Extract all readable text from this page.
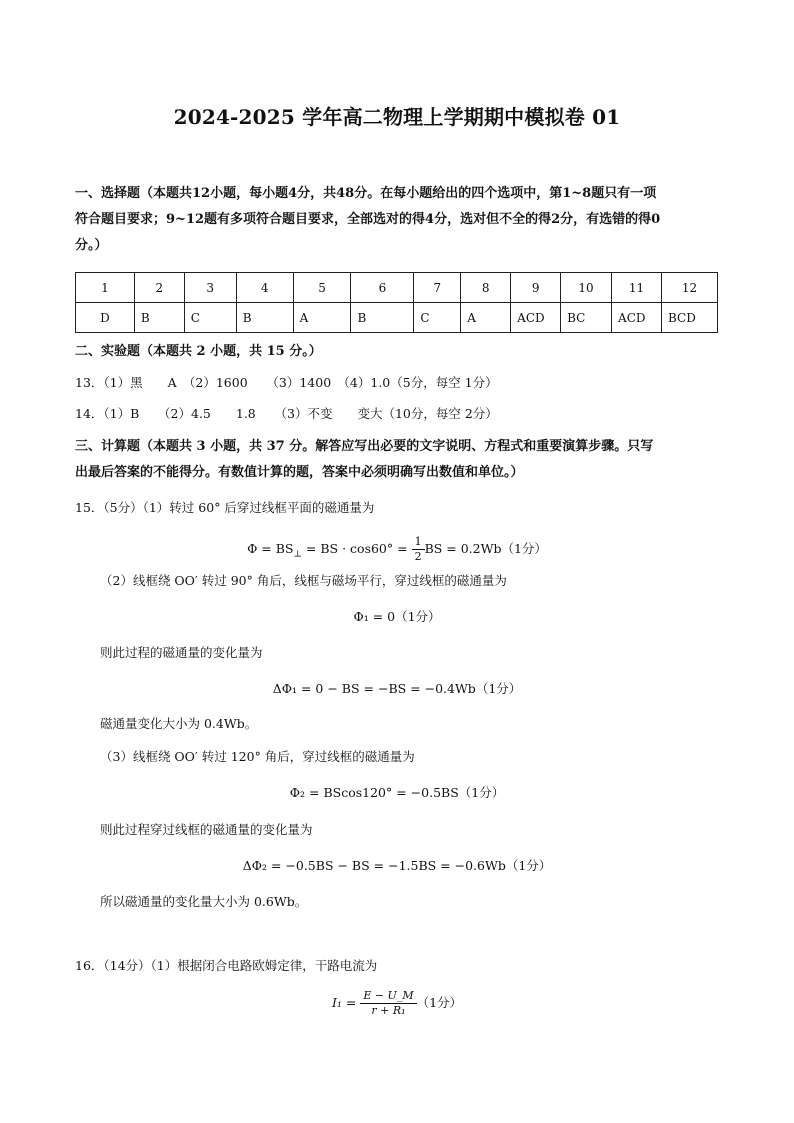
2024-2025 学年高二物理上学期期中模拟卷 01
一、选择题（本题共12小题，每小题4分，共48分。在每小题给出的四个选项中，第1~8题只有一项
符合题目要求；9~12题有多项符合题目要求，全部选对的得4分，选对但不全的得2分，有选错的得0
分。）
1	2	3	4	5	6	7	8	9	10	11	12
D	B	C	B	A	B	C	A	ACD	BC	ACD	BCD
二、实验题（本题共 2 小题，共 15 分。）
13．（1）黑　　A　（2）1600　　（3）1400　（4）1.0（5分，每空 1分）
14．（1）B　　（2）4.5　　1.8　　（3）不变　　变大（10分，每空 2分）
三、计算题（本题共 3 小题，共 37 分。解答应写出必要的文字说明、方程式和重要演算步骤。只写
出最后答案的不能得分。有数值计算的题，答案中必须明确写出数值和单位。）
15．（5分）（1）转过 60° 后穿过线框平面的磁通量为
$\Phi = BS_\perp$ = BS · $\cos 60^\circ = \frac{1}{2}$ BS = 0.2Wb（1分）
（2）线框绕 OO′ 转过 90° 角后，线框与磁场平行，穿过线框的磁通量为
Φ₁ = 0（1分）
则此过程的磁通量的变化量为
ΔΦ₁ = 0 − BS = −BS = −0.4Wb（1分）
磁通量变化大小为 0.4Wb。
（3）线框绕 OO′ 转过 120° 角后，穿过线框的磁通量为
Φ₂ = BScos120° = −0.5BS（1分）
则此过程穿过线框的磁通量的变化量为
ΔΦ₂ = −0.5BS − BS = −1.5BS = −0.6Wb（1分）
所以磁通量的变化量大小为 0.6Wb。
16．（14分）（1）根据闭合电路欧姆定律，干路电流为
$I_1 = \frac{E - U\_M}{\text{r + R₁}} (1$分）
